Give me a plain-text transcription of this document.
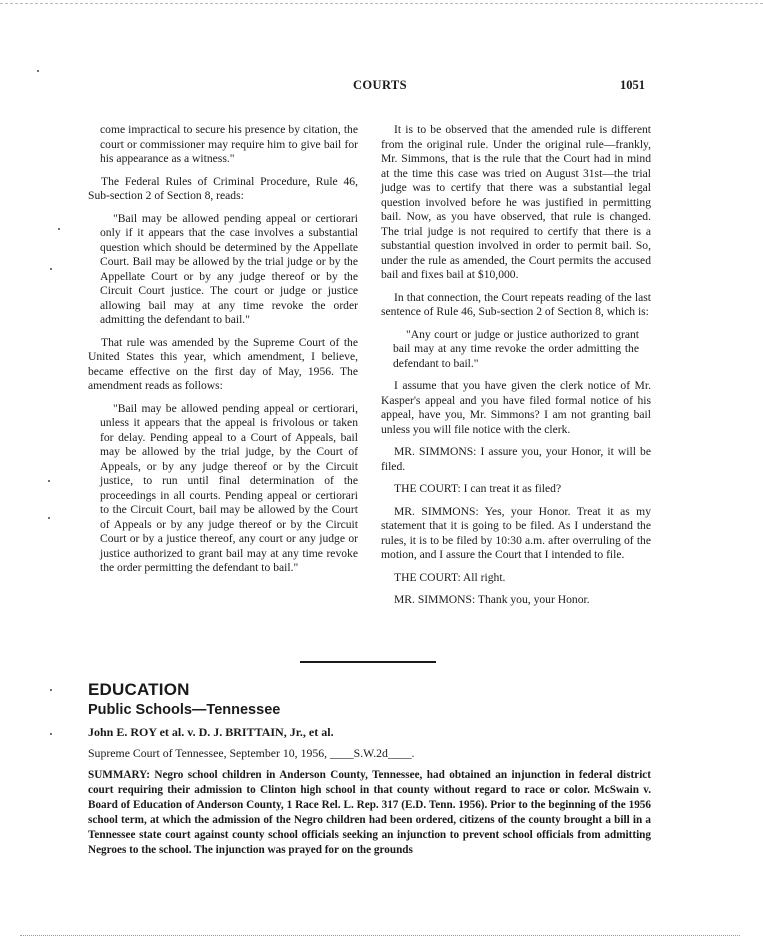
COURTS	1051

come impractical to secure his presence by citation, the court or commissioner may require him to give bail for his appearance as a witness."

The Federal Rules of Criminal Procedure, Rule 46, Sub-section 2 of Section 8, reads:

"Bail may be allowed pending appeal or certiorari only if it appears that the case involves a substantial question which should be determined by the Appellate Court. Bail may be allowed by the trial judge or by the Appellate Court or by any judge thereof or by the Circuit Court justice. The court or judge or justice allowing bail may at any time revoke the order admitting the defendant to bail."

That rule was amended by the Supreme Court of the United States this year, which amendment, I believe, became effective on the first day of May, 1956. The amendment reads as follows:

"Bail may be allowed pending appeal or certiorari, unless it appears that the appeal is frivolous or taken for delay. Pending appeal to a Court of Appeals, bail may be allowed by the trial judge, by the Court of Appeals, or by any judge thereof or by the Circuit justice, to run until final determination of the proceedings in all courts. Pending appeal or certiorari to the Circuit Court, bail may be allowed by the Court of Appeals or by any judge thereof or by the Circuit Court or by a justice thereof, any court or any judge or justice authorized to grant bail may at any time revoke the order permitting the defendant to bail."

It is to be observed that the amended rule is different from the original rule. Under the original rule—frankly, Mr. Simmons, that is the rule that the Court had in mind at the time this case was tried on August 31st—the trial judge was to certify that there was a substantial legal question involved before he was justified in permitting bail. Now, as you have observed, that rule is changed. The trial judge is not required to certify that there is a substantial question involved in order to permit bail. So, under the rule as amended, the Court permits the accused bail and fixes bail at $10,000.

In that connection, the Court repeats reading of the last sentence of Rule 46, Sub-section 2 of Section 8, which is:

"Any court or judge or justice authorized to grant bail may at any time revoke the order admitting the defendant to bail."

I assume that you have given the clerk notice of Mr. Kasper's appeal and you have filed formal notice of his appeal, have you, Mr. Simmons? I am not granting bail unless you will file notice with the clerk.

MR. SIMMONS: I assure you, your Honor, it will be filed.

THE COURT: I can treat it as filed?

MR. SIMMONS: Yes, your Honor. Treat it as my statement that it is going to be filed. As I understand the rules, it is to be filed by 10:30 a.m. after overruling of the motion, and I assure the Court that I intended to file.

THE COURT: All right.

MR. SIMMONS: Thank you, your Honor.

EDUCATION
Public Schools—Tennessee
John E. ROY et al. v. D. J. BRITTAIN, Jr., et al.
Supreme Court of Tennessee, September 10, 1956, ____S.W.2d____.
SUMMARY: Negro school children in Anderson County, Tennessee, had obtained an injunction in federal district court requiring their admission to Clinton high school in that county without regard to race or color. McSwain v. Board of Education of Anderson County, 1 Race Rel. L. Rep. 317 (E.D. Tenn. 1956). Prior to the beginning of the 1956 school term, at which the admission of the Negro children had been ordered, citizens of the county brought a bill in a Tennessee state court against county school officials seeking an injunction to prevent school officials from admitting Negroes to the school. The injunction was prayed for on the grounds
